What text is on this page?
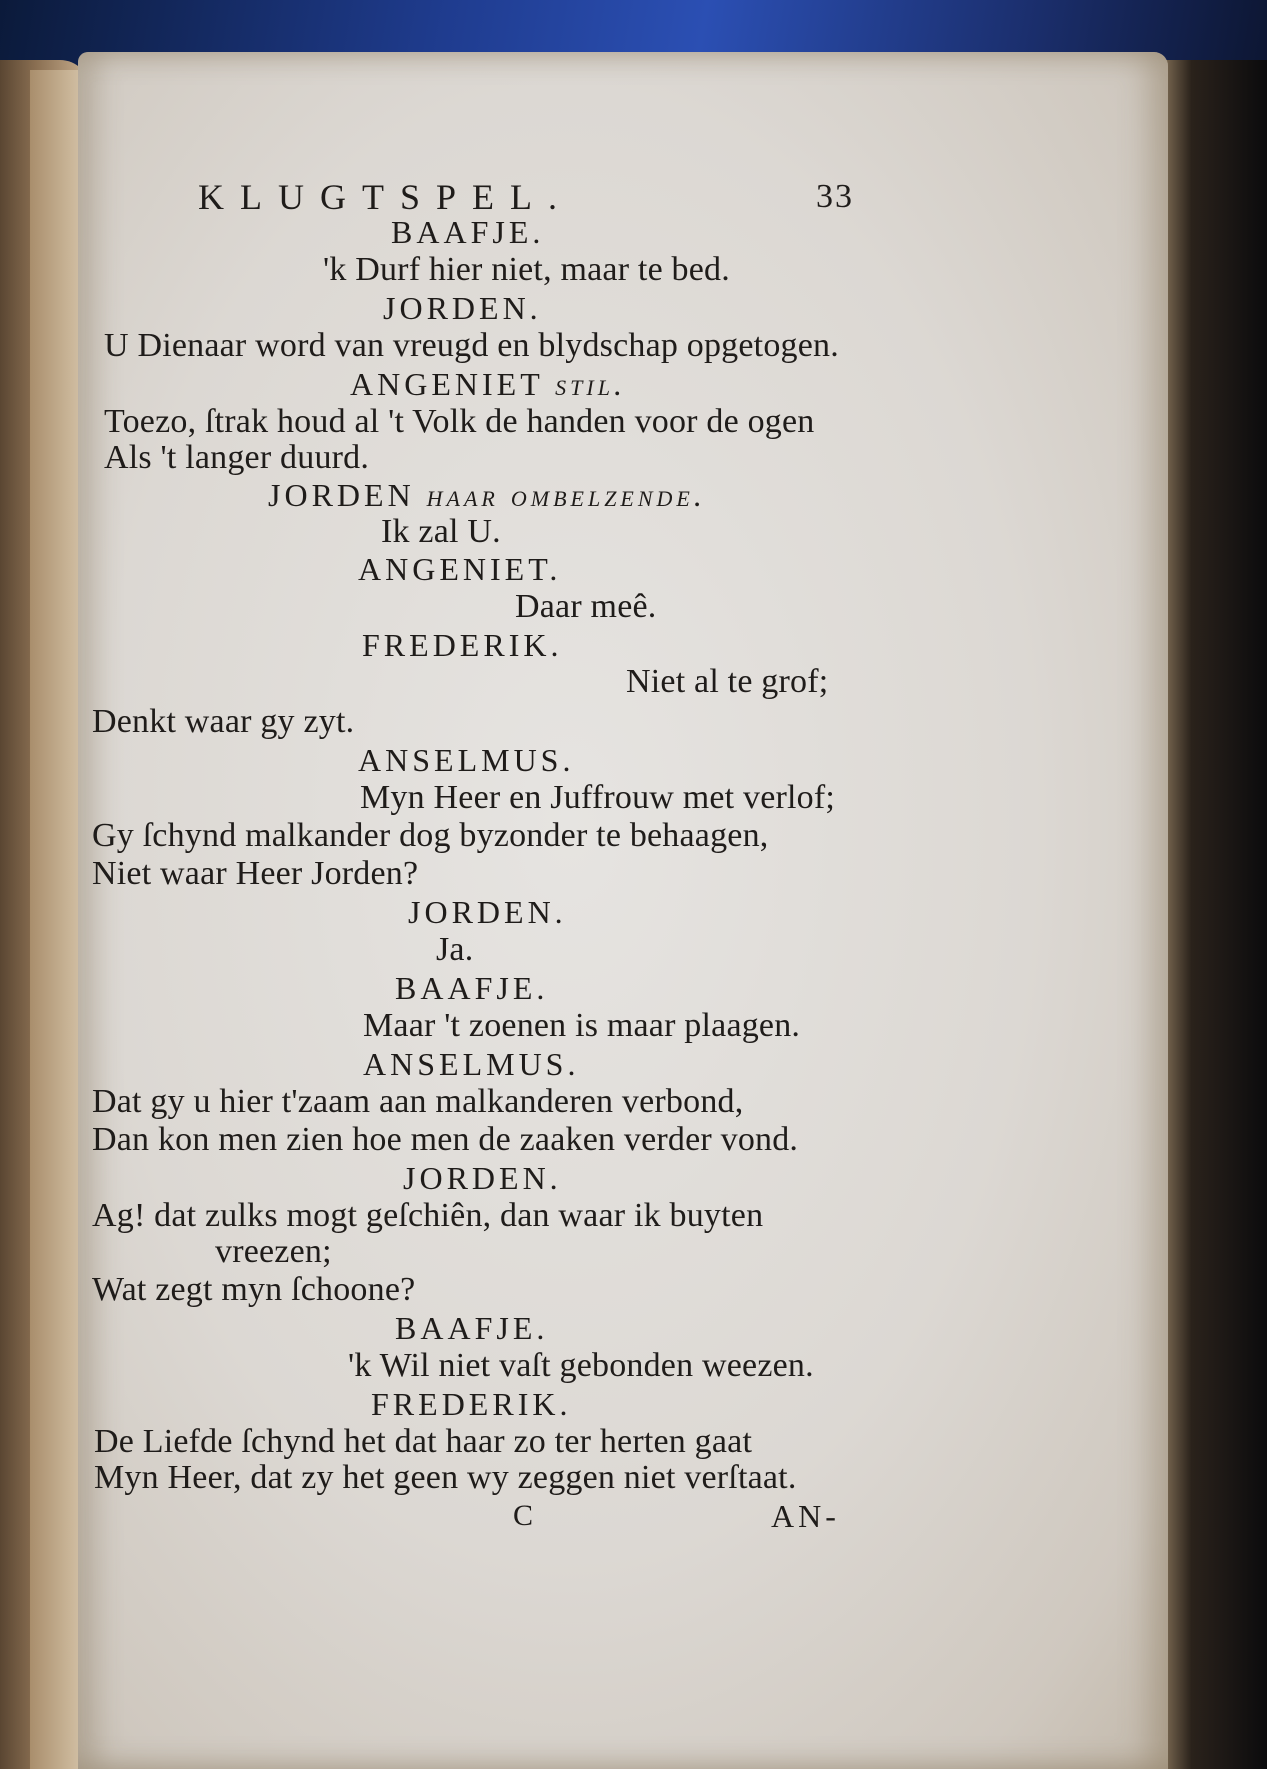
KLUGTSPEL.	33

BAAFJE.

'k Durf hier niet, maar te bed.

JORDEN.

U Dienaar word van vreugd en blydschap opgetogen.

ANGENIET stil.

Toezo, ſtrak houd al 't Volk de handen voor de ogen

Als 't langer duurd.

JORDEN haar ombelzende.

Ik zal U.

ANGENIET.

Daar meê.

FREDERIK.

Niet al te grof;

Denkt waar gy zyt.

ANSELMUS.

Myn Heer en Juffrouw met verlof;

Gy ſchynd malkander dog byzonder te behaagen,

Niet waar Heer Jorden?

JORDEN.

Ja.

BAAFJE.

Maar 't zoenen is maar plaagen.

ANSELMUS.

Dat gy u hier t'zaam aan malkanderen verbond,

Dan kon men zien hoe men de zaaken verder vond.

JORDEN.

Ag! dat zulks mogt geſchiên, dan waar ik buyten

vreezen;

Wat zegt myn ſchoone?

BAAFJE.

'k Wil niet vaſt gebonden weezen.

FREDERIK.

De Liefde ſchynd het dat haar zo ter herten gaat

Myn Heer, dat zy het geen wy zeggen niet verſtaat.

C	AN-
